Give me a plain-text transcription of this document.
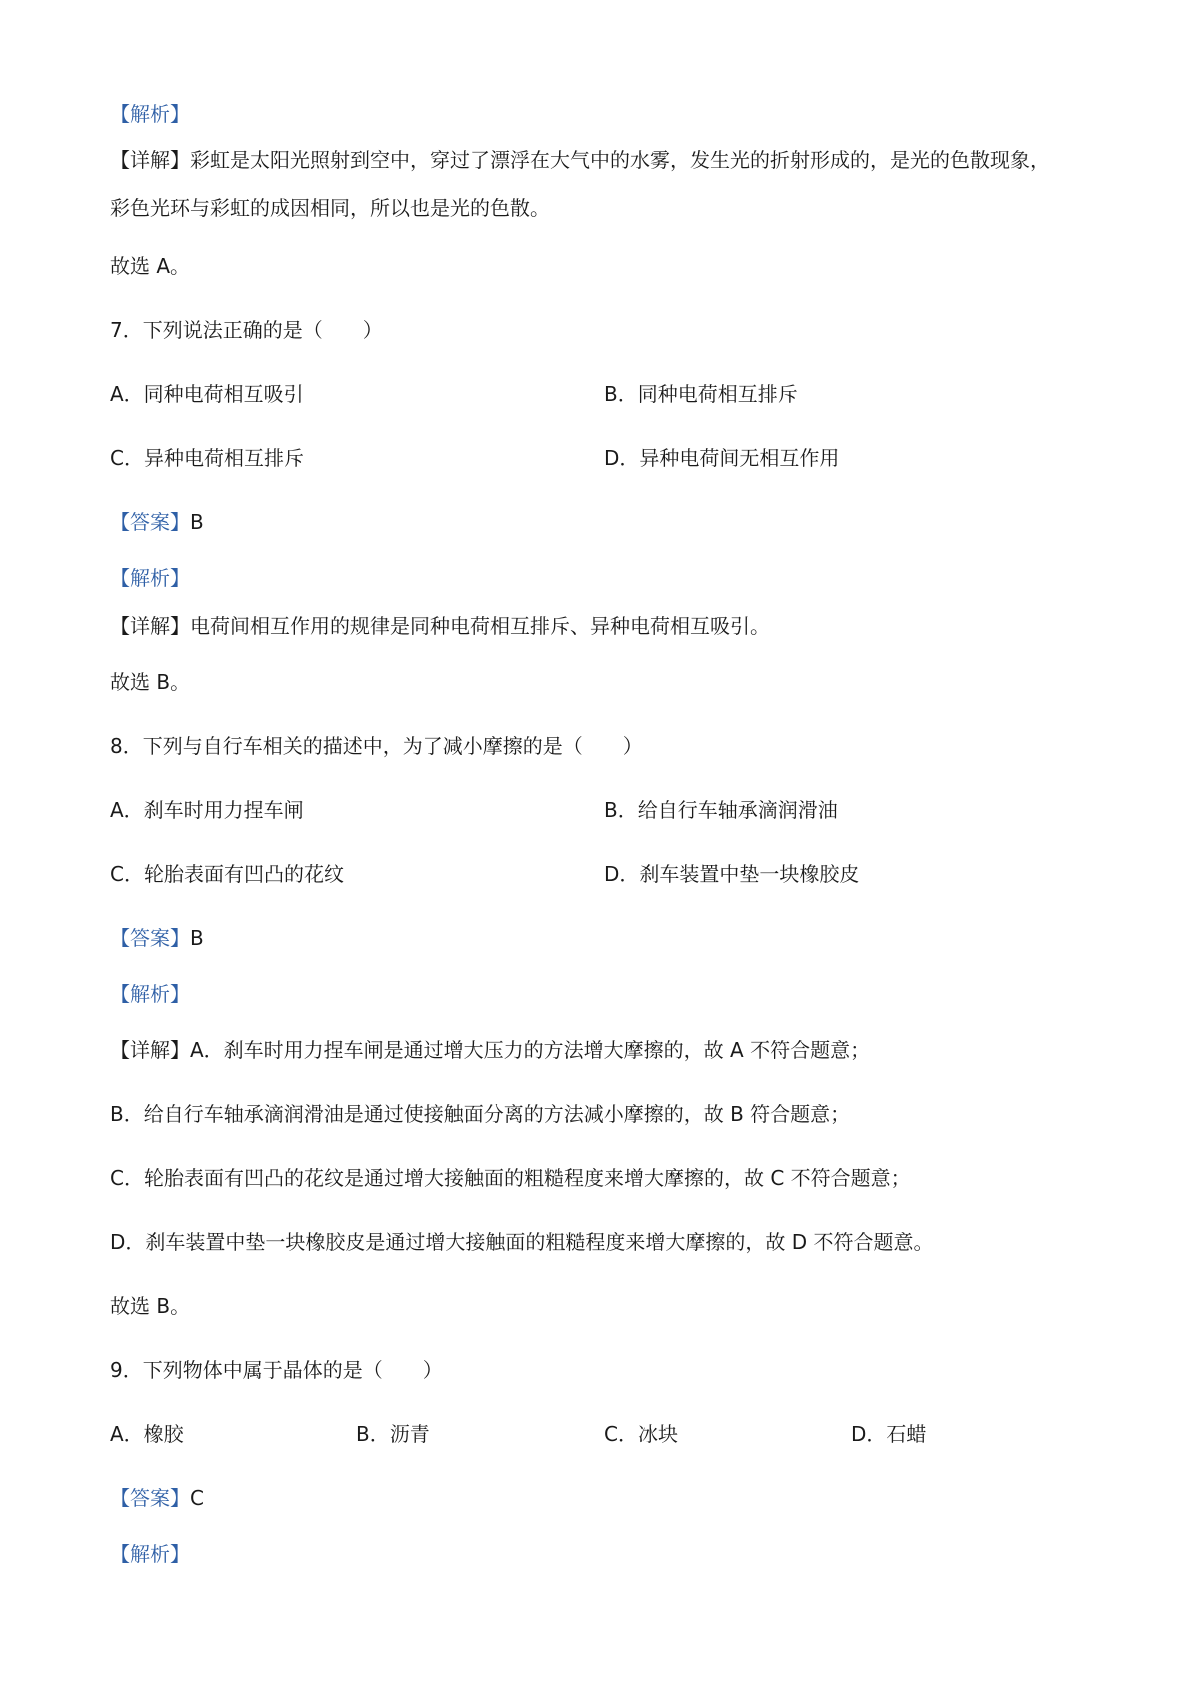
【解析】

【详解】彩虹是太阳光照射到空中，穿过了漂浮在大气中的水雾，发生光的折射形成的，是光的色散现象，

彩色光环与彩虹的成因相同，所以也是光的色散。

故选 A。

7．下列说法正确的是（　　）

A．同种电荷相互吸引	B．同种电荷相互排斥

C．异种电荷相互排斥	D．异种电荷间无相互作用

【答案】B

【解析】

【详解】电荷间相互作用的规律是同种电荷相互排斥、异种电荷相互吸引。

故选 B。

8．下列与自行车相关的描述中，为了减小摩擦的是（　　）

A．刹车时用力捏车闸	B．给自行车轴承滴润滑油

C．轮胎表面有凹凸的花纹	D．刹车装置中垫一块橡胶皮

【答案】B

【解析】

【详解】A．刹车时用力捏车闸是通过增大压力的方法增大摩擦的，故 A 不符合题意；

B．给自行车轴承滴润滑油是通过使接触面分离的方法减小摩擦的，故 B 符合题意；

C．轮胎表面有凹凸的花纹是通过增大接触面的粗糙程度来增大摩擦的，故 C 不符合题意；

D．刹车装置中垫一块橡胶皮是通过增大接触面的粗糙程度来增大摩擦的，故 D 不符合题意。

故选 B。

9．下列物体中属于晶体的是（　　）

A．橡胶	B．沥青	C．冰块	D．石蜡

【答案】C

【解析】
